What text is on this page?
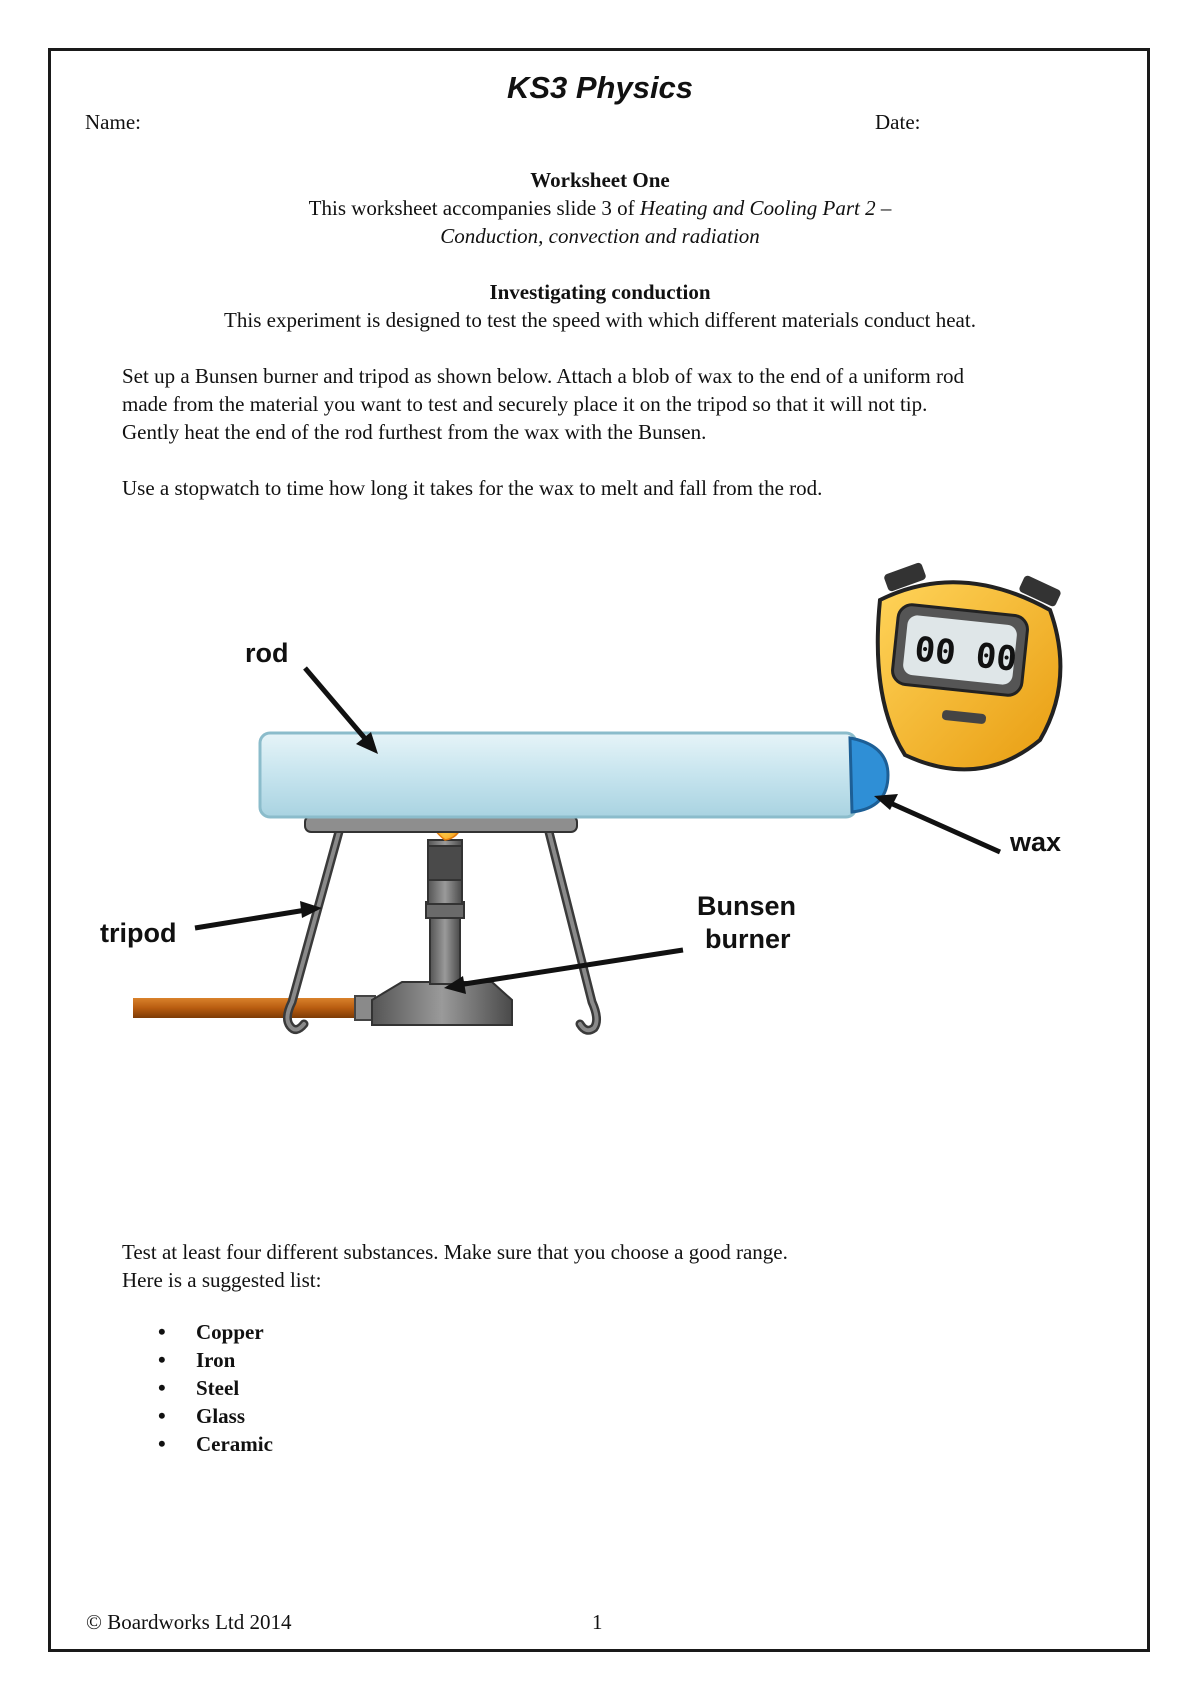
KS3 Physics
Name:	Date:
Worksheet One
This worksheet accompanies slide 3 of Heating and Cooling Part 2 –
Conduction, convection and radiation
Investigating conduction
This experiment is designed to test the speed with which different materials conduct heat.
Set up a Bunsen burner and tripod as shown below. Attach a blob of wax to the end of a uniform rod
made from the material you want to test and securely place it on the tripod so that it will not tip.
Gently heat the end of the rod furthest from the wax with the Bunsen.
Use a stopwatch to time how long it takes for the wax to melt and fall from the rod.
00 00
rod
wax
tripod
Bunsen
burner
Test at least four different substances. Make sure that you choose a good range.
Here is a suggested list:
• Copper
• Iron
• Steel
• Glass
• Ceramic
© Boardworks Ltd 2014	1
